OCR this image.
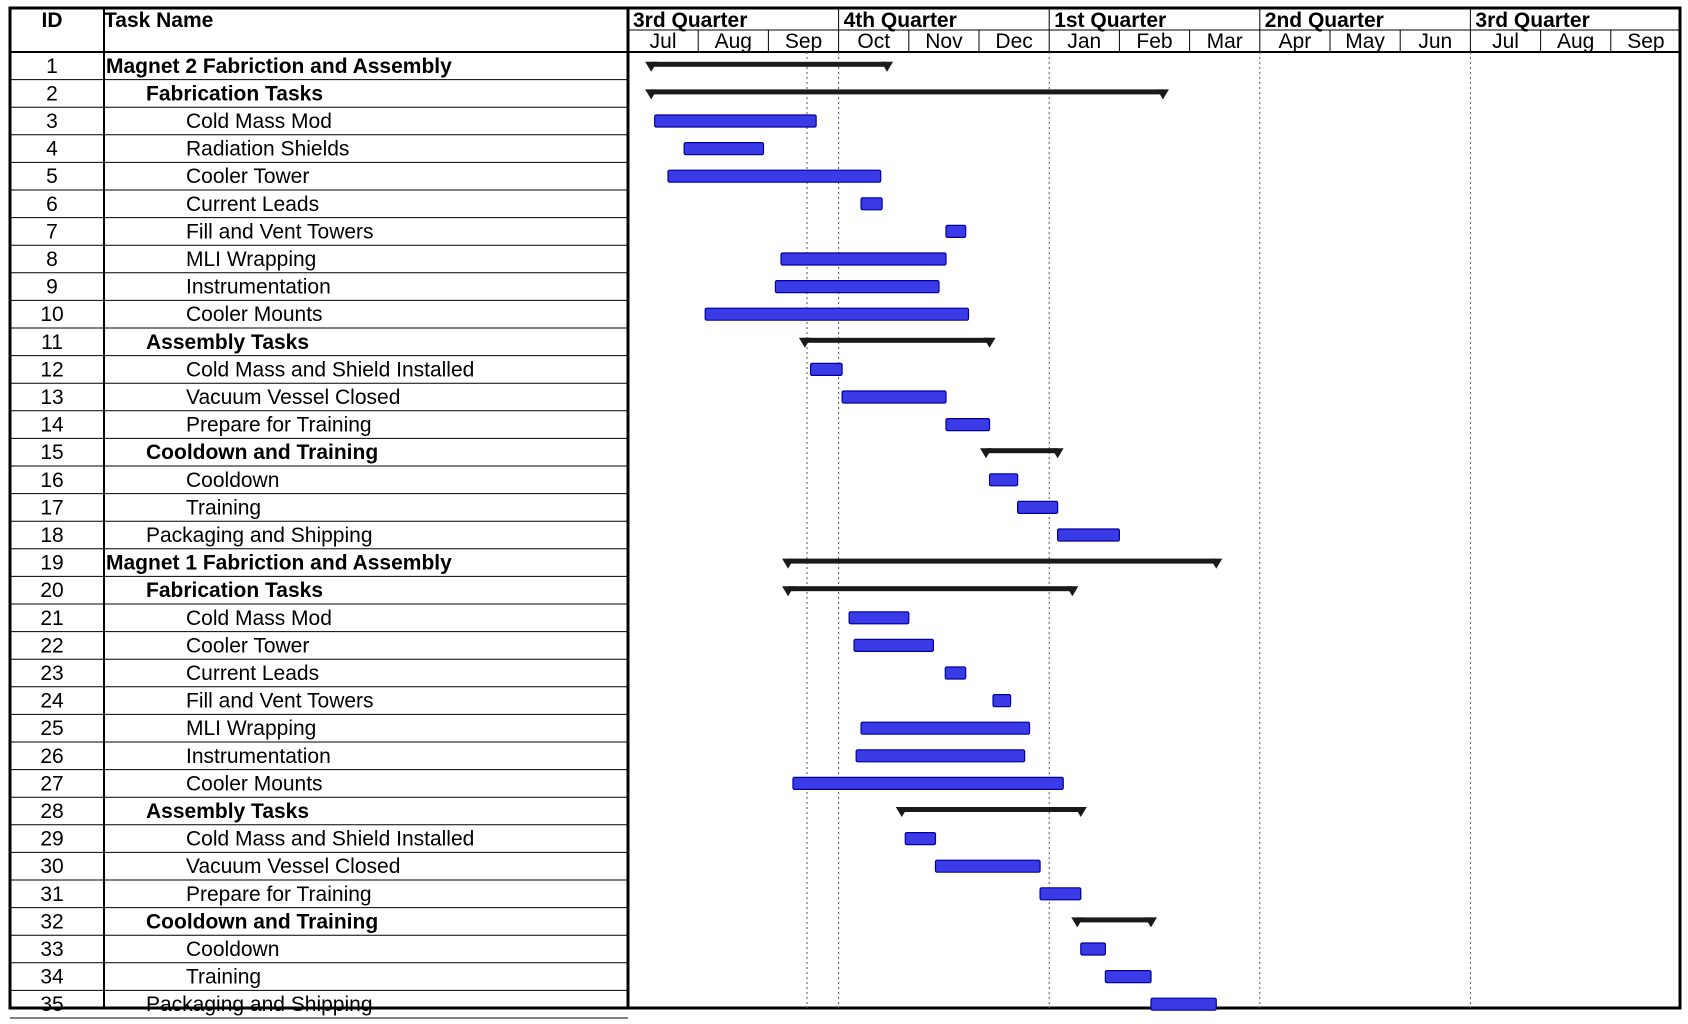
ID Task Name	3rd Quarter	4th Quarter	1st Quarter	2nd Quarter	3rd Quarter
Jul Aug Sep Oct Nov Dec Jan Feb Mar Apr May Jun Jul Aug Sep
1 Magnet 2 Fabriction and Assembly
2	Fabrication Tasks
3	Cold Mass Mod
4	Radiation Shields
5	Cooler Tower
6	Current Leads
7	Fill and Vent Towers
8	MLI Wrapping
9	Instrumentation
10	Cooler Mounts
11	Assembly Tasks
12	Cold Mass and Shield Installed
13	Vacuum Vessel Closed
14	Prepare for Training
15	Cooldown and Training
16	Cooldown
17	Training
18	Packaging and Shipping
19 Magnet 1 Fabriction and Assembly
20	Fabrication Tasks
21	Cold Mass Mod
22	Cooler Tower
23	Current Leads
24	Fill and Vent Towers
25	MLI Wrapping
26	Instrumentation
27	Cooler Mounts
28	Assembly Tasks
29	Cold Mass and Shield Installed
30	Vacuum Vessel Closed
31	Prepare for Training
32	Cooldown and Training
33	Cooldown
34	Training
35	Packaging and Shipping
